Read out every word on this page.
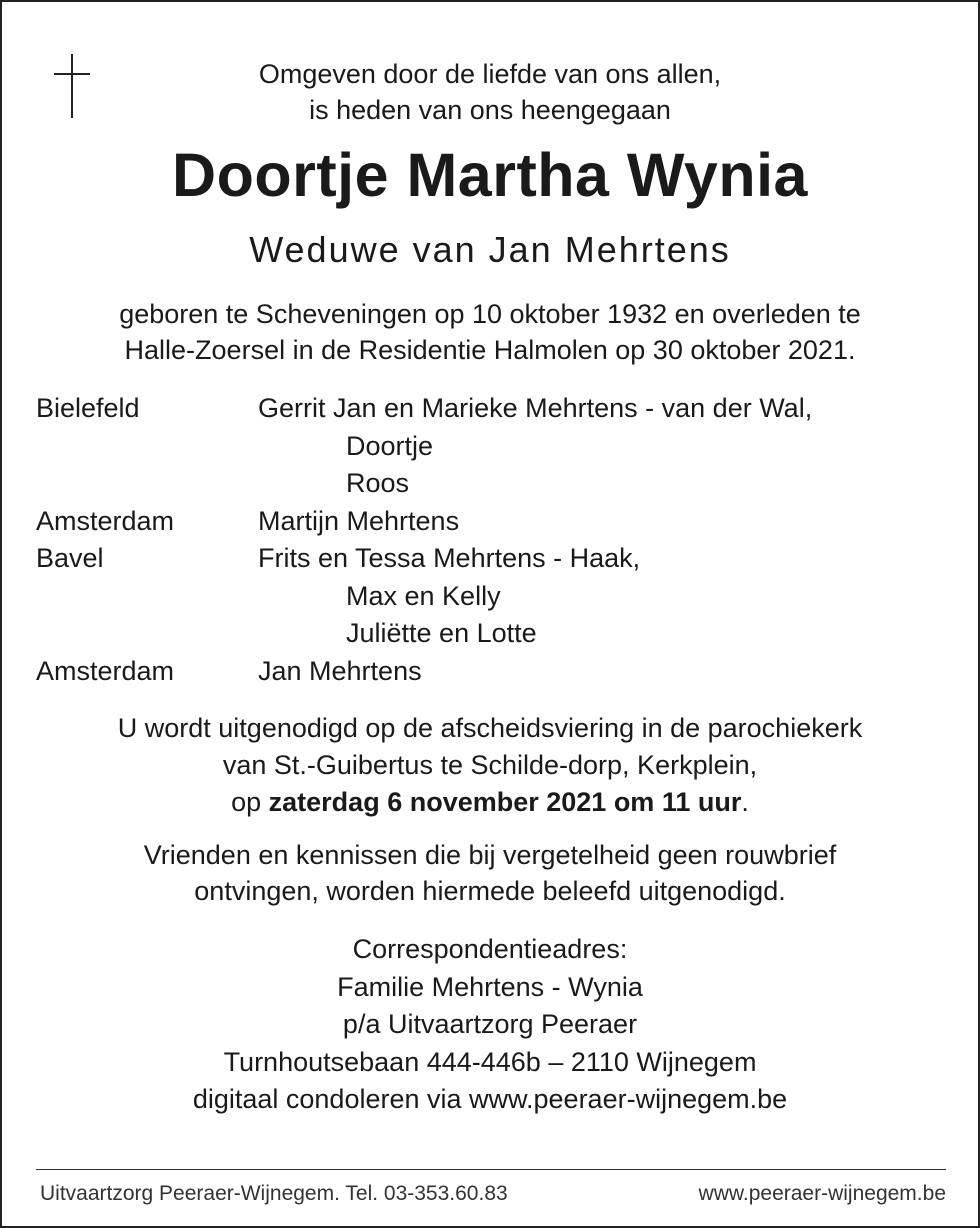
Omgeven door de liefde van ons allen,
is heden van ons heengegaan
Doortje Martha Wynia
Weduwe van Jan Mehrtens
geboren te Scheveningen op 10 oktober 1932 en overleden te
Halle-Zoersel in de Residentie Halmolen op 30 oktober 2021.
Bielefeld	Gerrit Jan en Marieke Mehrtens - van der Wal,
Doortje
Roos
Amsterdam	Martijn Mehrtens
Bavel	Frits en Tessa Mehrtens - Haak,
Max en Kelly
Juliëtte en Lotte
Amsterdam	Jan Mehrtens
U wordt uitgenodigd op de afscheidsviering in de parochiekerk
van St.-Guibertus te Schilde-dorp, Kerkplein,
op zaterdag 6 november 2021 om 11 uur.
Vrienden en kennissen die bij vergetelheid geen rouwbrief
ontvingen, worden hiermede beleefd uitgenodigd.
Correspondentieadres:
Familie Mehrtens - Wynia
p/a Uitvaartzorg Peeraer
Turnhoutsebaan 444-446b – 2110 Wijnegem
digitaal condoleren via www.peeraer-wijnegem.be
Uitvaartzorg Peeraer-Wijnegem. Tel. 03-353.60.83	www.peeraer-wijnegem.be
